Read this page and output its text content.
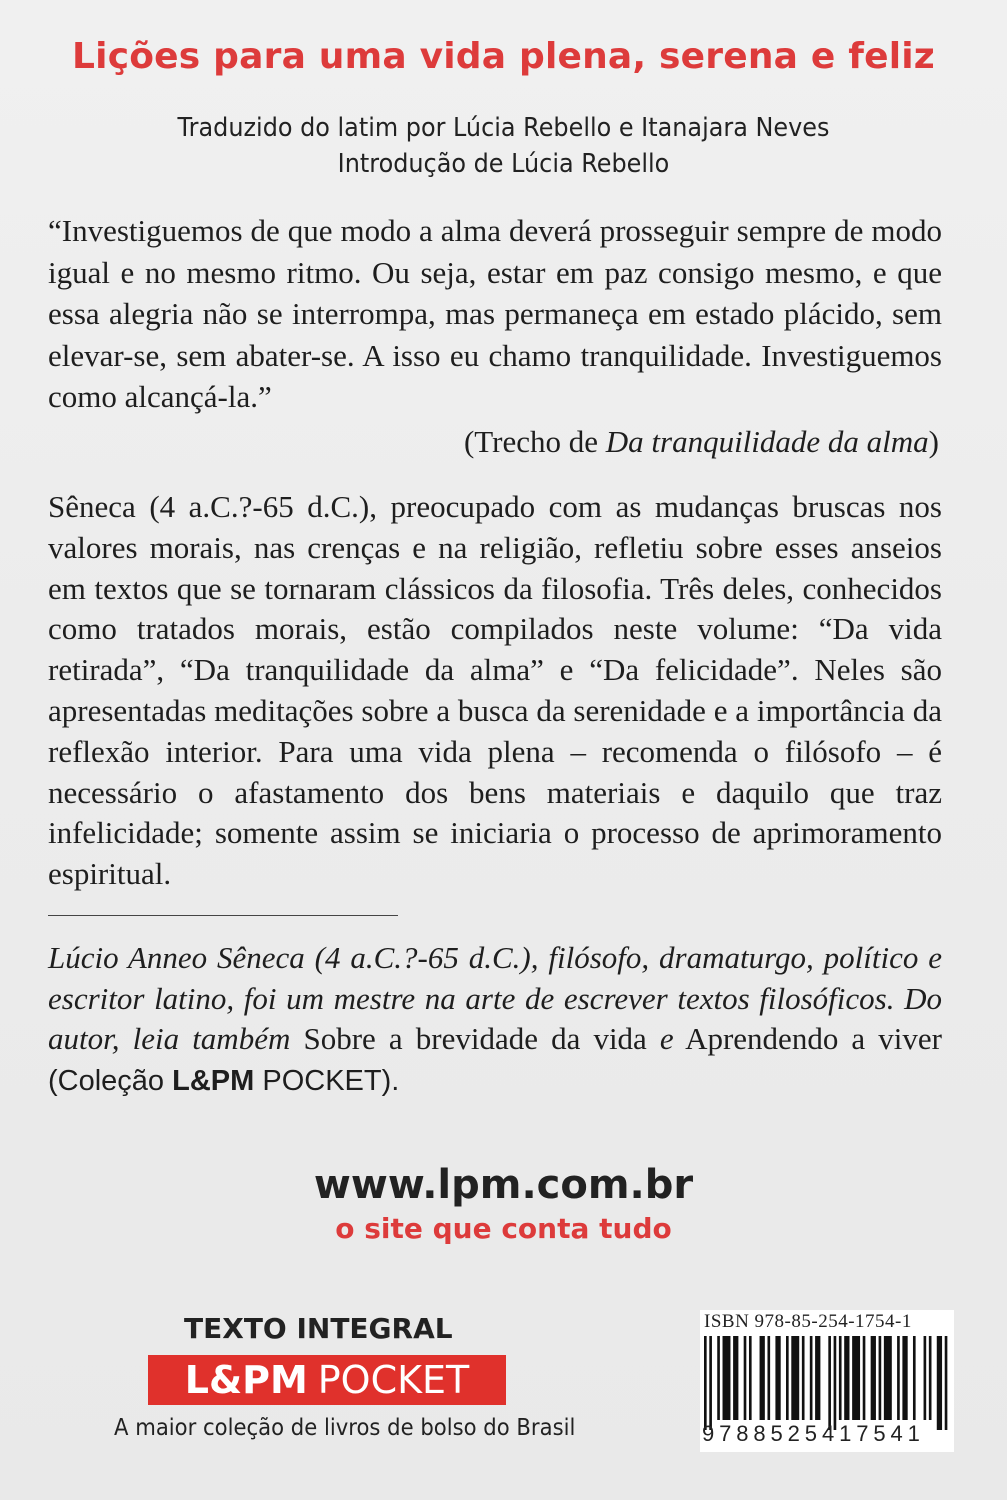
Lições para uma vida plena, serena e feliz
Traduzido do latim por Lúcia Rebello e Itanajara Neves
Introdução de Lúcia Rebello
“Investiguemos de que modo a alma deverá prosseguir sempre de modo igual e no mesmo ritmo. Ou seja, estar em paz consigo mesmo, e que essa alegria não se interrompa, mas permaneça em estado plácido, sem elevar-se, sem abater-se. A isso eu chamo tranquilidade. Investiguemos como alcançá-la.”
(Trecho de Da tranquilidade da alma)
Sêneca (4 a.C.?-65 d.C.), preocupado com as mudanças bruscas nos valores morais, nas crenças e na religião, refletiu sobre esses anseios em textos que se tornaram clássicos da filosofia. Três deles, conhecidos como tratados morais, estão compilados neste volume: “Da vida retirada”, “Da tranquilidade da alma” e “Da felicidade”. Neles são apresentadas meditações sobre a busca da serenidade e a importância da reflexão interior. Para uma vida plena – recomenda o filósofo – é necessário o afastamento dos bens materiais e daquilo que traz infelicidade; somente assim se iniciaria o processo de aprimoramento espiritual.
Lúcio Anneo Sêneca (4 a.C.?-65 d.C.), filósofo, dramaturgo, político e escritor latino, foi um mestre na arte de escrever textos filosóficos. Do autor, leia também Sobre a brevidade da vida e Aprendendo a viver (Coleção L&PM POCKET).
www.lpm.com.br
o site que conta tudo
TEXTO INTEGRAL
L&PM POCKET
A maior coleção de livros de bolso do Brasil
ISBN 978-85-254-1754-1
9788525417541
